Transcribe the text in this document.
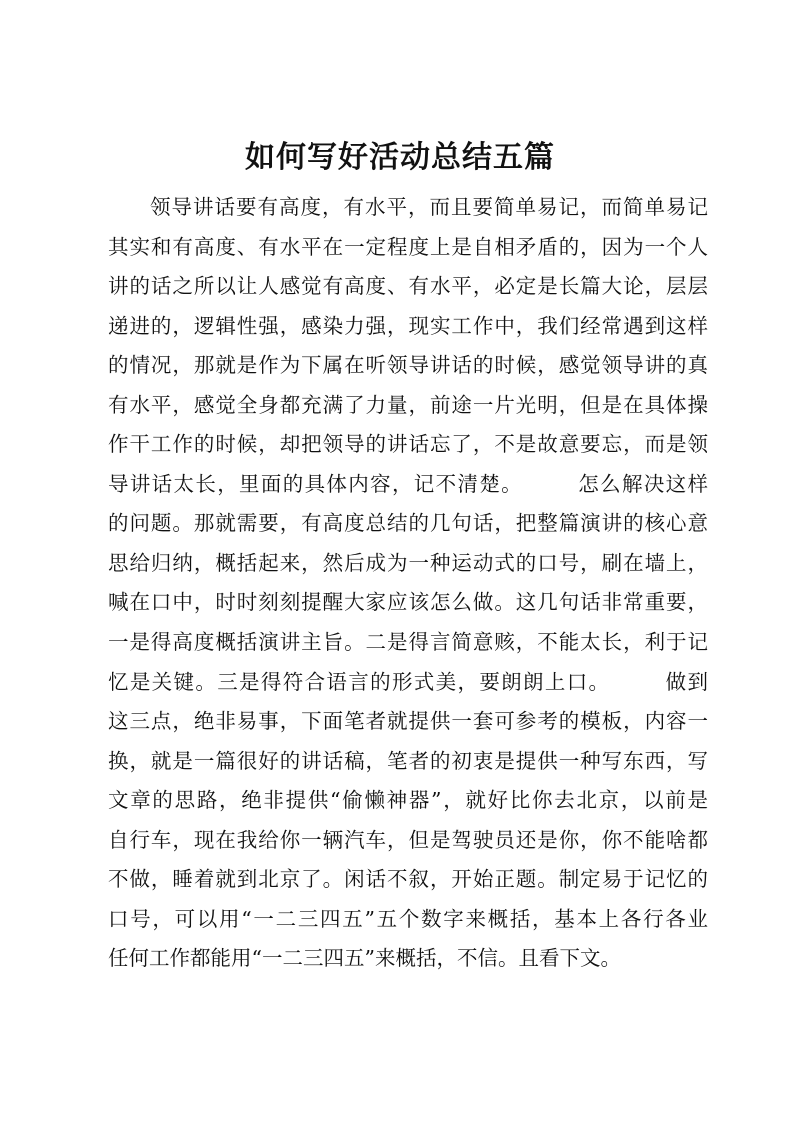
如何写好活动总结五篇
领导讲话要有高度，有水平，而且要简单易记，而简单易记
其实和有高度、有水平在一定程度上是自相矛盾的，因为一个人
讲的话之所以让人感觉有高度、有水平，必定是长篇大论，层层
递进的，逻辑性强，感染力强，现实工作中，我们经常遇到这样
的情况，那就是作为下属在听领导讲话的时候，感觉领导讲的真
有水平，感觉全身都充满了力量，前途一片光明，但是在具体操
作干工作的时候，却把领导的讲话忘了，不是故意要忘，而是领
导讲话太长，里面的具体内容，记不清楚。　　　怎么解决这样
的问题。那就需要，有高度总结的几句话，把整篇演讲的核心意
思给归纳，概括起来，然后成为一种运动式的口号，刷在墙上，
喊在口中，时时刻刻提醒大家应该怎么做。这几句话非常重要，
一是得高度概括演讲主旨。二是得言简意赅，不能太长，利于记
忆是关键。三是得符合语言的形式美，要朗朗上口。　　　做到
这三点，绝非易事，下面笔者就提供一套可参考的模板，内容一
换，就是一篇很好的讲话稿，笔者的初衷是提供一种写东西，写
文章的思路，绝非提供“偷懒神器”，就好比你去北京，以前是
自行车，现在我给你一辆汽车，但是驾驶员还是你，你不能啥都
不做，睡着就到北京了。闲话不叙，开始正题。制定易于记忆的
口号，可以用“一二三四五”五个数字来概括，基本上各行各业
任何工作都能用“一二三四五”来概括，不信。且看下文。
